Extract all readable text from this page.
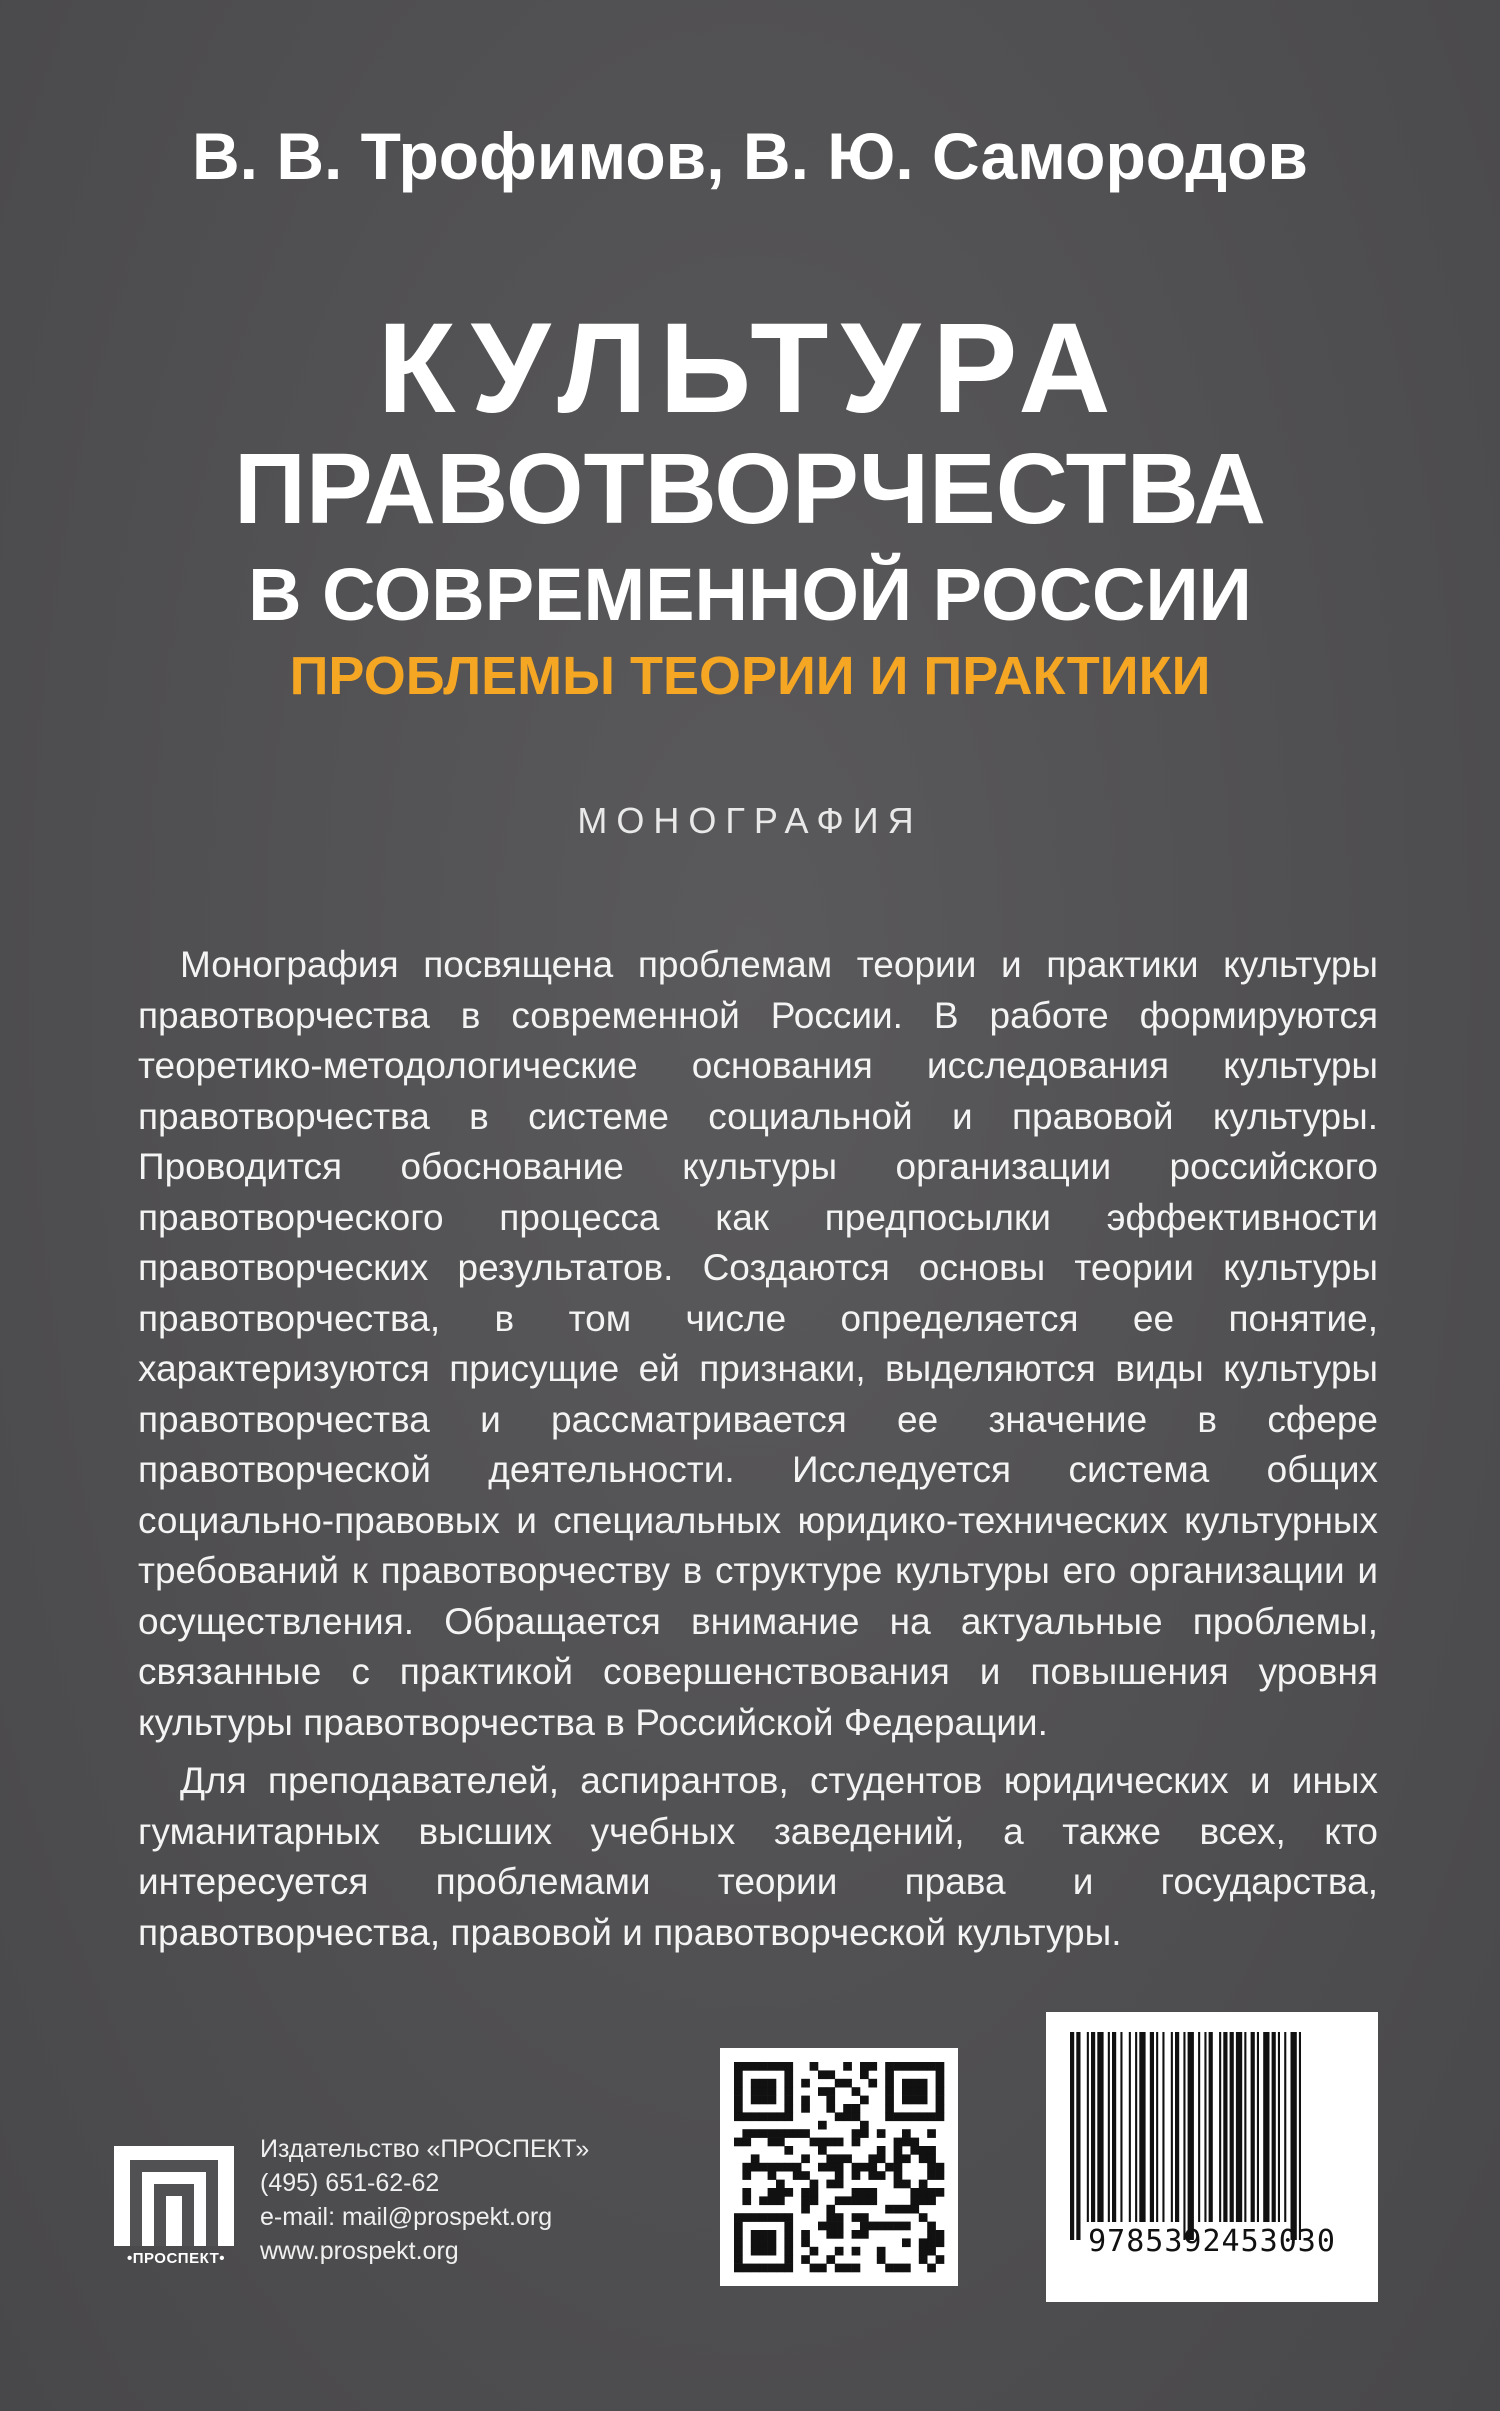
В. В. Трофимов, В. Ю. Самородов
КУЛЬТУРА
ПРАВОТВОРЧЕСТВА
В СОВРЕМЕННОЙ РОССИИ
ПРОБЛЕМЫ ТЕОРИИ И ПРАКТИКИ
МОНОГРАФИЯ

Монография посвящена проблемам теории и практики культуры правотворчества в современной России. В работе формируются теоретико-методологические основания исследования культуры правотворчества в системе социальной и правовой культуры. Проводится обоснование культуры организации российского правотворческого процесса как предпосылки эффективности правотворческих результатов. Создаются основы теории культуры правотворчества, в том числе определяется ее понятие, характеризуются присущие ей признаки, выделяются виды культуры правотворчества и рассматривается ее значение в сфере правотворческой деятельности. Исследуется система общих социально-правовых и специальных юридико-технических культурных требований к правотворчеству в структуре культуры его организации и осуществления. Обращается внимание на актуальные проблемы, связанные с практикой совершенствования и повышения уровня культуры правотворчества в Российской Федерации.

Для преподавателей, аспирантов, студентов юридических и иных гуманитарных высших учебных заведений, а также всех, кто интересуется проблемами теории права и государства, правотворчества, правовой и правотворческой культуры.

•ПРОСПЕКТ•
Издательство «ПРОСПЕКТ»
(495) 651-62-62
e-mail: mail@prospekt.org
www.prospekt.org	9785392453030
